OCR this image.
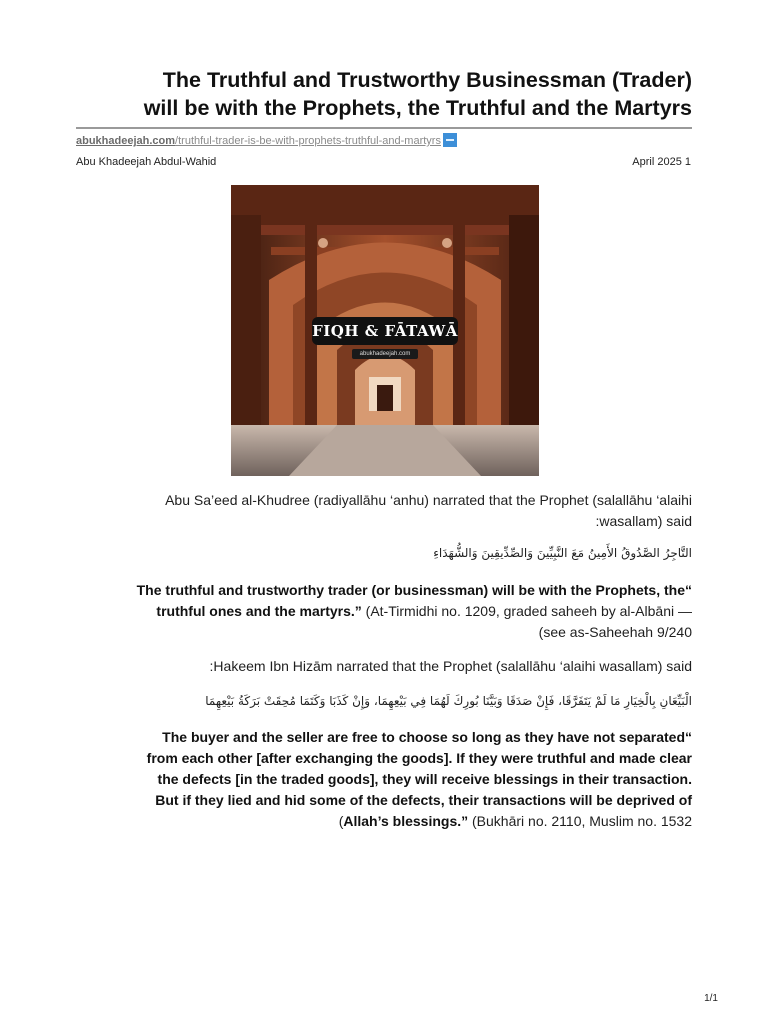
The Truthful and Trustworthy Businessman (Trader)
will be with the Prophets, the Truthful and the Martyrs
abukhadeejah.com/truthful-trader-is-be-with-prophets-truthful-and-martyrs
Abu Khadeejah Abdul-Wahid	April 2025 1
FIQH & FĀTAWĀ
abukhadeejah.com

Abu Sa’eed al-Khudree (radiyallāhu ‘anhu) narrated that the Prophet (salallāhu ‘alaihi
:wasallam) said

التَّاجِرُ الصَّدُوقُ الأَمِينُ مَعَ النَّبِيِّينَ وَالصِّدِّيقِينَ وَالشُّهَدَاءِ

The truthful and trustworthy trader (or businessman) will be with the Prophets, the“
truthful ones and the martyrs.” (At-Tirmidhi no. 1209, graded saheeh by al-Albāni —
(see as-Saheehah 9/240

:Hakeem Ibn Hizām narrated that the Prophet (salallāhu ‘alaihi wasallam) said

الْبَيِّعَانِ بِالْخِيَارِ مَا لَمْ يَتَفَرَّقَا، فَإِنْ صَدَقَا وَبَيَّنَا بُورِكَ لَهُمَا فِي بَيْعِهِمَا، وَإِنْ كَذَبَا وَكَتَمَا مُحِقَتْ بَرَكَةُ بَيْعِهِمَا

The buyer and the seller are free to choose so long as they have not separated“
from each other [after exchanging the goods]. If they were truthful and made clear
the defects [in the traded goods], they will receive blessings in their transaction.
But if they lied and hid some of the defects, their transactions will be deprived of
(Allah’s blessings.” (Bukhāri no. 2110, Muslim no. 1532

1/1
